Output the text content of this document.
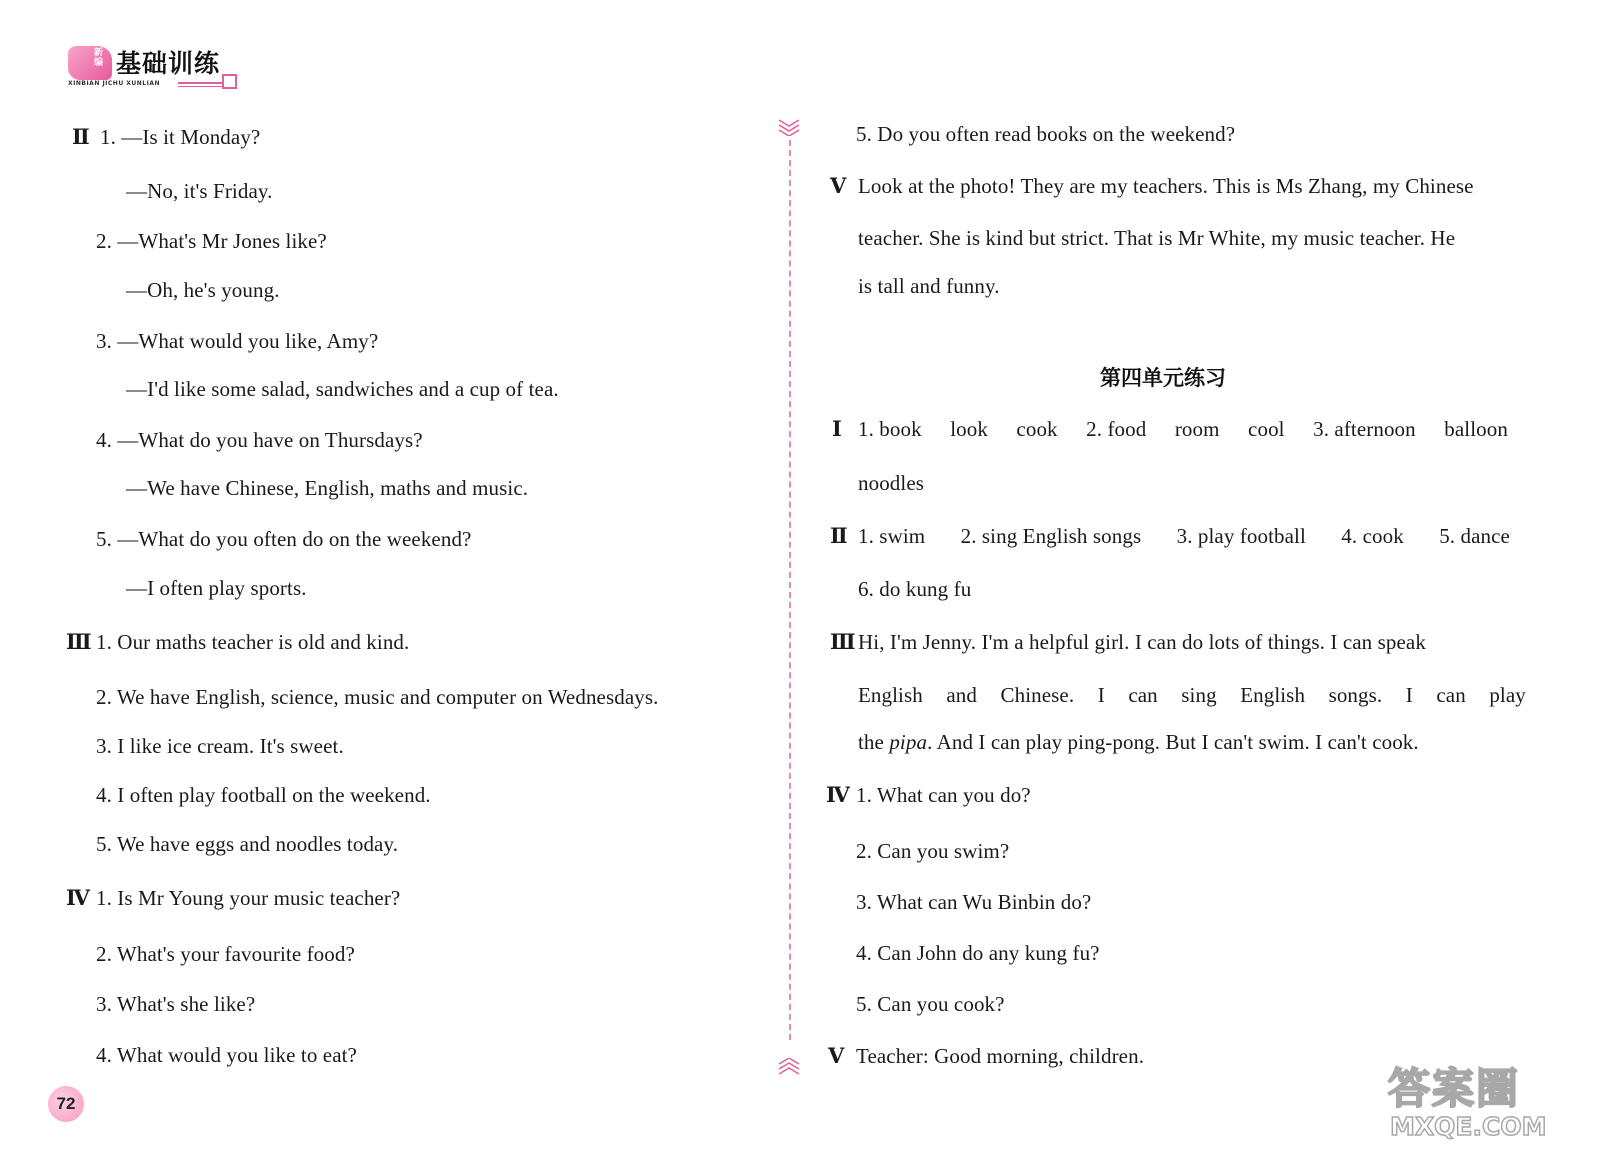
新编 基础训练
XINBIAN JICHU XUNLIAN
Ⅱ 1. —Is it Monday?
—No, it's Friday.
2. —What's Mr Jones like?
—Oh, he's young.
3. —What would you like, Amy?
—I'd like some salad, sandwiches and a cup of tea.
4. —What do you have on Thursdays?
—We have Chinese, English, maths and music.
5. —What do you often do on the weekend?
—I often play sports.
Ⅲ 1. Our maths teacher is old and kind.
2. We have English, science, music and computer on Wednesdays.
3. I like ice cream. It's sweet.
4. I often play football on the weekend.
5. We have eggs and noodles today.
Ⅳ 1. Is Mr Young your music teacher?
2. What's your favourite food?
3. What's she like?
4. What would you like to eat?
72
5. Do you often read books on the weekend?
Ⅴ Look at the photo! They are my teachers. This is Ms Zhang, my Chinese
teacher. She is kind but strict. That is Mr White, my music teacher. He
is tall and funny.
第四单元练习
Ⅰ 1. book look cook 2. food room cool 3. afternoon balloon
noodles
Ⅱ 1. swim 2. sing English songs 3. play football 4. cook 5. dance
6. do kung fu
Ⅲ Hi, I'm Jenny. I'm a helpful girl. I can do lots of things. I can speak
English and Chinese. I can sing English songs. I can play
the pipa. And I can play ping-pong. But I can't swim. I can't cook.
Ⅳ 1. What can you do?
2. Can you swim?
3. What can Wu Binbin do?
4. Can John do any kung fu?
5. Can you cook?
Ⅴ Teacher: Good morning, children.
答案圈
MXQE.COM
